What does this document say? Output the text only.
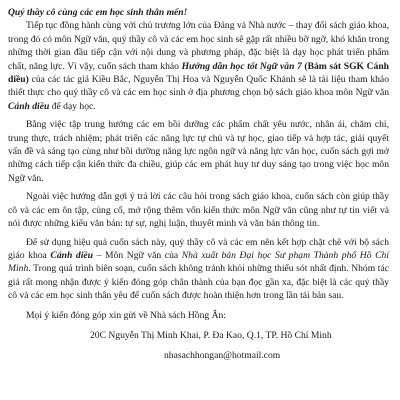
Quý thầy cô cùng các em học sinh thân mến!

Tiếp tục đồng hành cùng với chủ trương lớn của Đảng và Nhà nước – thay đổi sách giáo khoa, trong đó có môn Ngữ văn, quý thầy cô và các em học sinh sẽ gặp rất nhiều bỡ ngỡ, khó khăn trong những thời gian đầu tiếp cận với nội dung và phương pháp, đặc biệt là dạy học phát triển phẩm chất, năng lực. Vì vậy, cuốn sách tham khảo Hướng dẫn học tốt Ngữ văn 7 (Bám sát SGK Cánh diều) của các tác giả Kiều Bắc, Nguyễn Thị Hoa và Nguyễn Quốc Khánh sẽ là tài liệu tham khảo thiết thực cho quý thầy cô và các em học sinh ở địa phương chọn bộ sách giáo khoa môn Ngữ văn Cánh diều để dạy học.

Bằng việc tập trung hướng các em bồi dưỡng các phẩm chất yêu nước, nhân ái, chăm chỉ, trung thực, trách nhiệm; phát triển các năng lực tự chủ và tự học, giao tiếp và hợp tác, giải quyết vấn đề và sáng tạo cùng như bồi dưỡng năng lực ngôn ngữ và năng lực văn học, cuốn sách gợi mở những cách tiếp cận kiến thức đa chiều, giúp các em phát huy tư duy sáng tạo trong việc học môn Ngữ văn.

Ngoài việc hướng dẫn gợi ý trả lời các câu hỏi trong sách giáo khoa, cuốn sách còn giúp thầy cô và các em ôn tập, củng cố, mở rộng thêm vốn kiến thức môn Ngữ văn cũng như tự tin viết và nói được những kiểu văn bản: tự sự, nghị luận, thuyết minh và văn bản thông tin.

Để sử dụng hiệu quả cuốn sách này, quý thầy cô và các em nên kết hợp chặt chẽ với bộ sách giáo khoa Cánh diều – Môn Ngữ văn của Nhà xuất bản Đại học Sư phạm Thành phố Hồ Chí Minh. Trong quá trình biên soạn, cuốn sách không tránh khỏi những thiếu sót nhất định. Nhóm tác giả rất mong nhận được ý kiến đóng góp chân thành của bạn đọc gần xa, đặc biệt là các quý thầy cô và các em học sinh thân yêu để cuốn sách được hoàn thiện hơn trong lần tái bản sau.

Mọi ý kiến đóng góp xin gửi về Nhà sách Hồng Ân:

20C Nguyễn Thị Minh Khai, P. Đa Kao, Q.1, TP. Hồ Chí Minh

nhasachhongan@hotmail.com
